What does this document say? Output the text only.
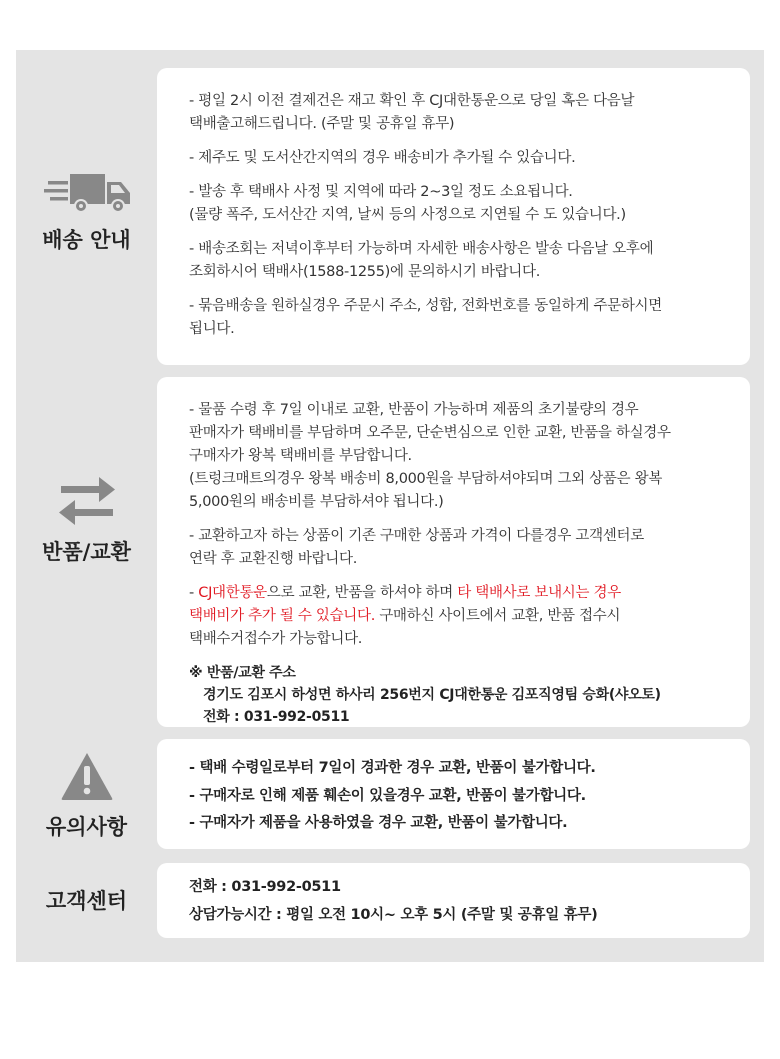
배송 안내
- 평일 2시 이전 결제건은 재고 확인 후 CJ대한통운으로 당일 혹은 다음날
택배출고해드립니다. (주말 및 공휴일 휴무)
- 제주도 및 도서산간지역의 경우 배송비가 추가될 수 있습니다.
- 발송 후 택배사 사정 및 지역에 따라 2~3일 정도 소요됩니다.
(물량 폭주, 도서산간 지역, 날씨 등의 사정으로 지연될 수 도 있습니다.)
- 배송조회는 저녁이후부터 가능하며 자세한 배송사항은 발송 다음날 오후에
조회하시어 택배사(1588-1255)에 문의하시기 바랍니다.
- 묶음배송을 원하실경우 주문시 주소, 성함, 전화번호를 동일하게 주문하시면
됩니다.
반품/교환
- 물품 수령 후 7일 이내로 교환, 반품이 가능하며 제품의 초기불량의 경우
판매자가 택배비를 부담하며 오주문, 단순변심으로 인한 교환, 반품을 하실경우
구매자가 왕복 택배비를 부담합니다.
(트렁크매트의경우 왕복 배송비 8,000원을 부담하셔야되며 그외 상품은 왕복
5,000원의 배송비를 부담하셔야 됩니다.)
- 교환하고자 하는 상품이 기존 구매한 상품과 가격이 다를경우 고객센터로
연락 후 교환진행 바랍니다.
- CJ대한통운으로 교환, 반품을 하셔야 하며 타 택배사로 보내시는 경우
택배비가 추가 될 수 있습니다. 구매하신 사이트에서 교환, 반품 접수시
택배수거접수가 가능합니다.
※ 반품/교환 주소
경기도 김포시 하성면 하사리 256번지 CJ대한통운 김포직영팀 승화(샤오토)
전화 : 031-992-0511
유의사항
- 택배 수령일로부터 7일이 경과한 경우 교환, 반품이 불가합니다.
- 구매자로 인해 제품 훼손이 있을경우 교환, 반품이 불가합니다.
- 구매자가 제품을 사용하였을 경우 교환, 반품이 불가합니다.
고객센터
전화 : 031-992-0511
상담가능시간 : 평일 오전 10시~ 오후 5시 (주말 및 공휴일 휴무)
